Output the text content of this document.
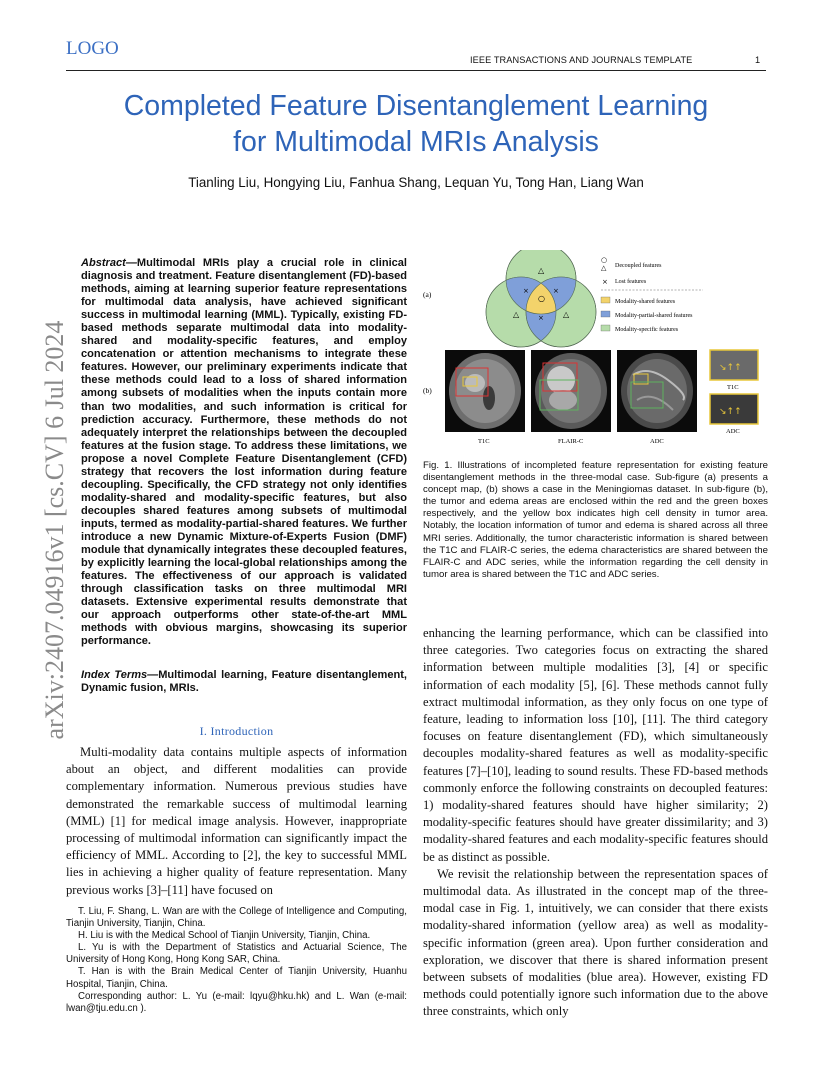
LOGO
IEEE TRANSACTIONS AND JOURNALS TEMPLATE	1
Completed Feature Disentanglement Learning
for Multimodal MRIs Analysis
Tianling Liu, Hongying Liu, Fanhua Shang, Lequan Yu, Tong Han, Liang Wan
arXiv:2407.04916v1 [cs.CV] 6 Jul 2024
Abstract—Multimodal MRIs play a crucial role in clinical diagnosis and treatment. Feature disentanglement (FD)-based methods, aiming at learning superior feature representations for multimodal data analysis, have achieved significant success in multimodal learning (MML). Typically, existing FD-based methods separate multimodal data into modality-shared and modality-specific features, and employ concatenation or attention mechanisms to integrate these features. However, our preliminary experiments indicate that these methods could lead to a loss of shared information among subsets of modalities when the inputs contain more than two modalities, and such information is critical for prediction accuracy. Furthermore, these methods do not adequately interpret the relationships between the decoupled features at the fusion stage. To address these limitations, we propose a novel Complete Feature Disentanglement (CFD) strategy that recovers the lost information during feature decoupling. Specifically, the CFD strategy not only identifies modality-shared and modality-specific features, but also decouples shared features among subsets of multimodal inputs, termed as modality-partial-shared features. We further introduce a new Dynamic Mixture-of-Experts Fusion (DMF) module that dynamically integrates these decoupled features, by explicitly learning the local-global relationships among the features. The effectiveness of our approach is validated through classification tasks on three multimodal MRI datasets. Extensive experimental results demonstrate that our approach outperforms other state-of-the-art MML methods with obvious margins, showcasing its superior performance.
Index Terms—Multimodal learning, Feature disentanglement, Dynamic fusion, MRIs.
I. Introduction

Multi-modality data contains multiple aspects of information about an object, and different modalities can provide complementary information. Numerous previous studies have demonstrated the remarkable success of multimodal learning (MML) [1] for medical image analysis. However, inappropriate processing of multimodal information can significantly impact the efficiency of MML. According to [2], the key to successful MML lies in achieving a higher quality of feature representation. Many previous works [3]–[11] have focused on

T. Liu, F. Shang, L. Wan are with the College of Intelligence and Computing, Tianjin University, Tianjin, China.

H. Liu is with the Medical School of Tianjin University, Tianjin, China.

L. Yu is with the Department of Statistics and Actuarial Science, The University of Hong Kong, Hong Kong SAR, China.

T. Han is with the Brain Medical Center of Tianjin University, Huanhu Hospital, Tianjin, China.

Corresponding author: L. Yu (e-mail: lqyu@hku.hk) and L. Wan (e-mail: lwan@tju.edu.cn ).

(a)
△
△	△
○
×	×
×
○
△ Decoupled features
× Lost features
Modality-shared features
Modality-partial-shared features
Modality-specific features
(b)
↘↑↑
T1C
↘↑↑
ADC
T1C	FLAIR-C	ADC
Fig. 1. Illustrations of incompleted feature representation for existing feature disentanglement methods in the three-modal case. Sub-figure (a) presents a concept map, (b) shows a case in the Meningiomas dataset. In sub-figure (b), the tumor and edema areas are enclosed within the red and the green boxes respectively, and the yellow box indicates high cell density in tumor area. Notably, the location information of tumor and edema is shared across all three MRI series. Additionally, the tumor characteristic information is shared between the T1C and FLAIR-C series, the edema characteristics are shared between the FLAIR-C and ADC series, while the information regarding the cell density in tumor area is shared between the T1C and ADC series.

enhancing the learning performance, which can be classified into three categories. Two categories focus on extracting the shared information between multiple modalities [3], [4] or specific information of each modality [5], [6]. These methods cannot fully extract multimodal information, as they only focus on one type of feature, leading to information loss [10], [11]. The third category focuses on feature disentanglement (FD), which simultaneously decouples modality-shared features as well as modality-specific features [7]–[10], leading to sound results. These FD-based methods commonly enforce the following constraints on decoupled features: 1) modality-shared features should have higher similarity; 2) modality-specific features should have greater dissimilarity; and 3) modality-shared features and each modality-specific features should be as distinct as possible.

We revisit the relationship between the representation spaces of multimodal data. As illustrated in the concept map of the three-modal case in Fig. 1, intuitively, we can consider that there exists modality-shared information (yellow area) as well as modality-specific information (green area). Upon further consideration and exploration, we discover that there is shared information present between subsets of modalities (blue area). However, existing FD methods could potentially ignore such information due to the above three constraints, which only
